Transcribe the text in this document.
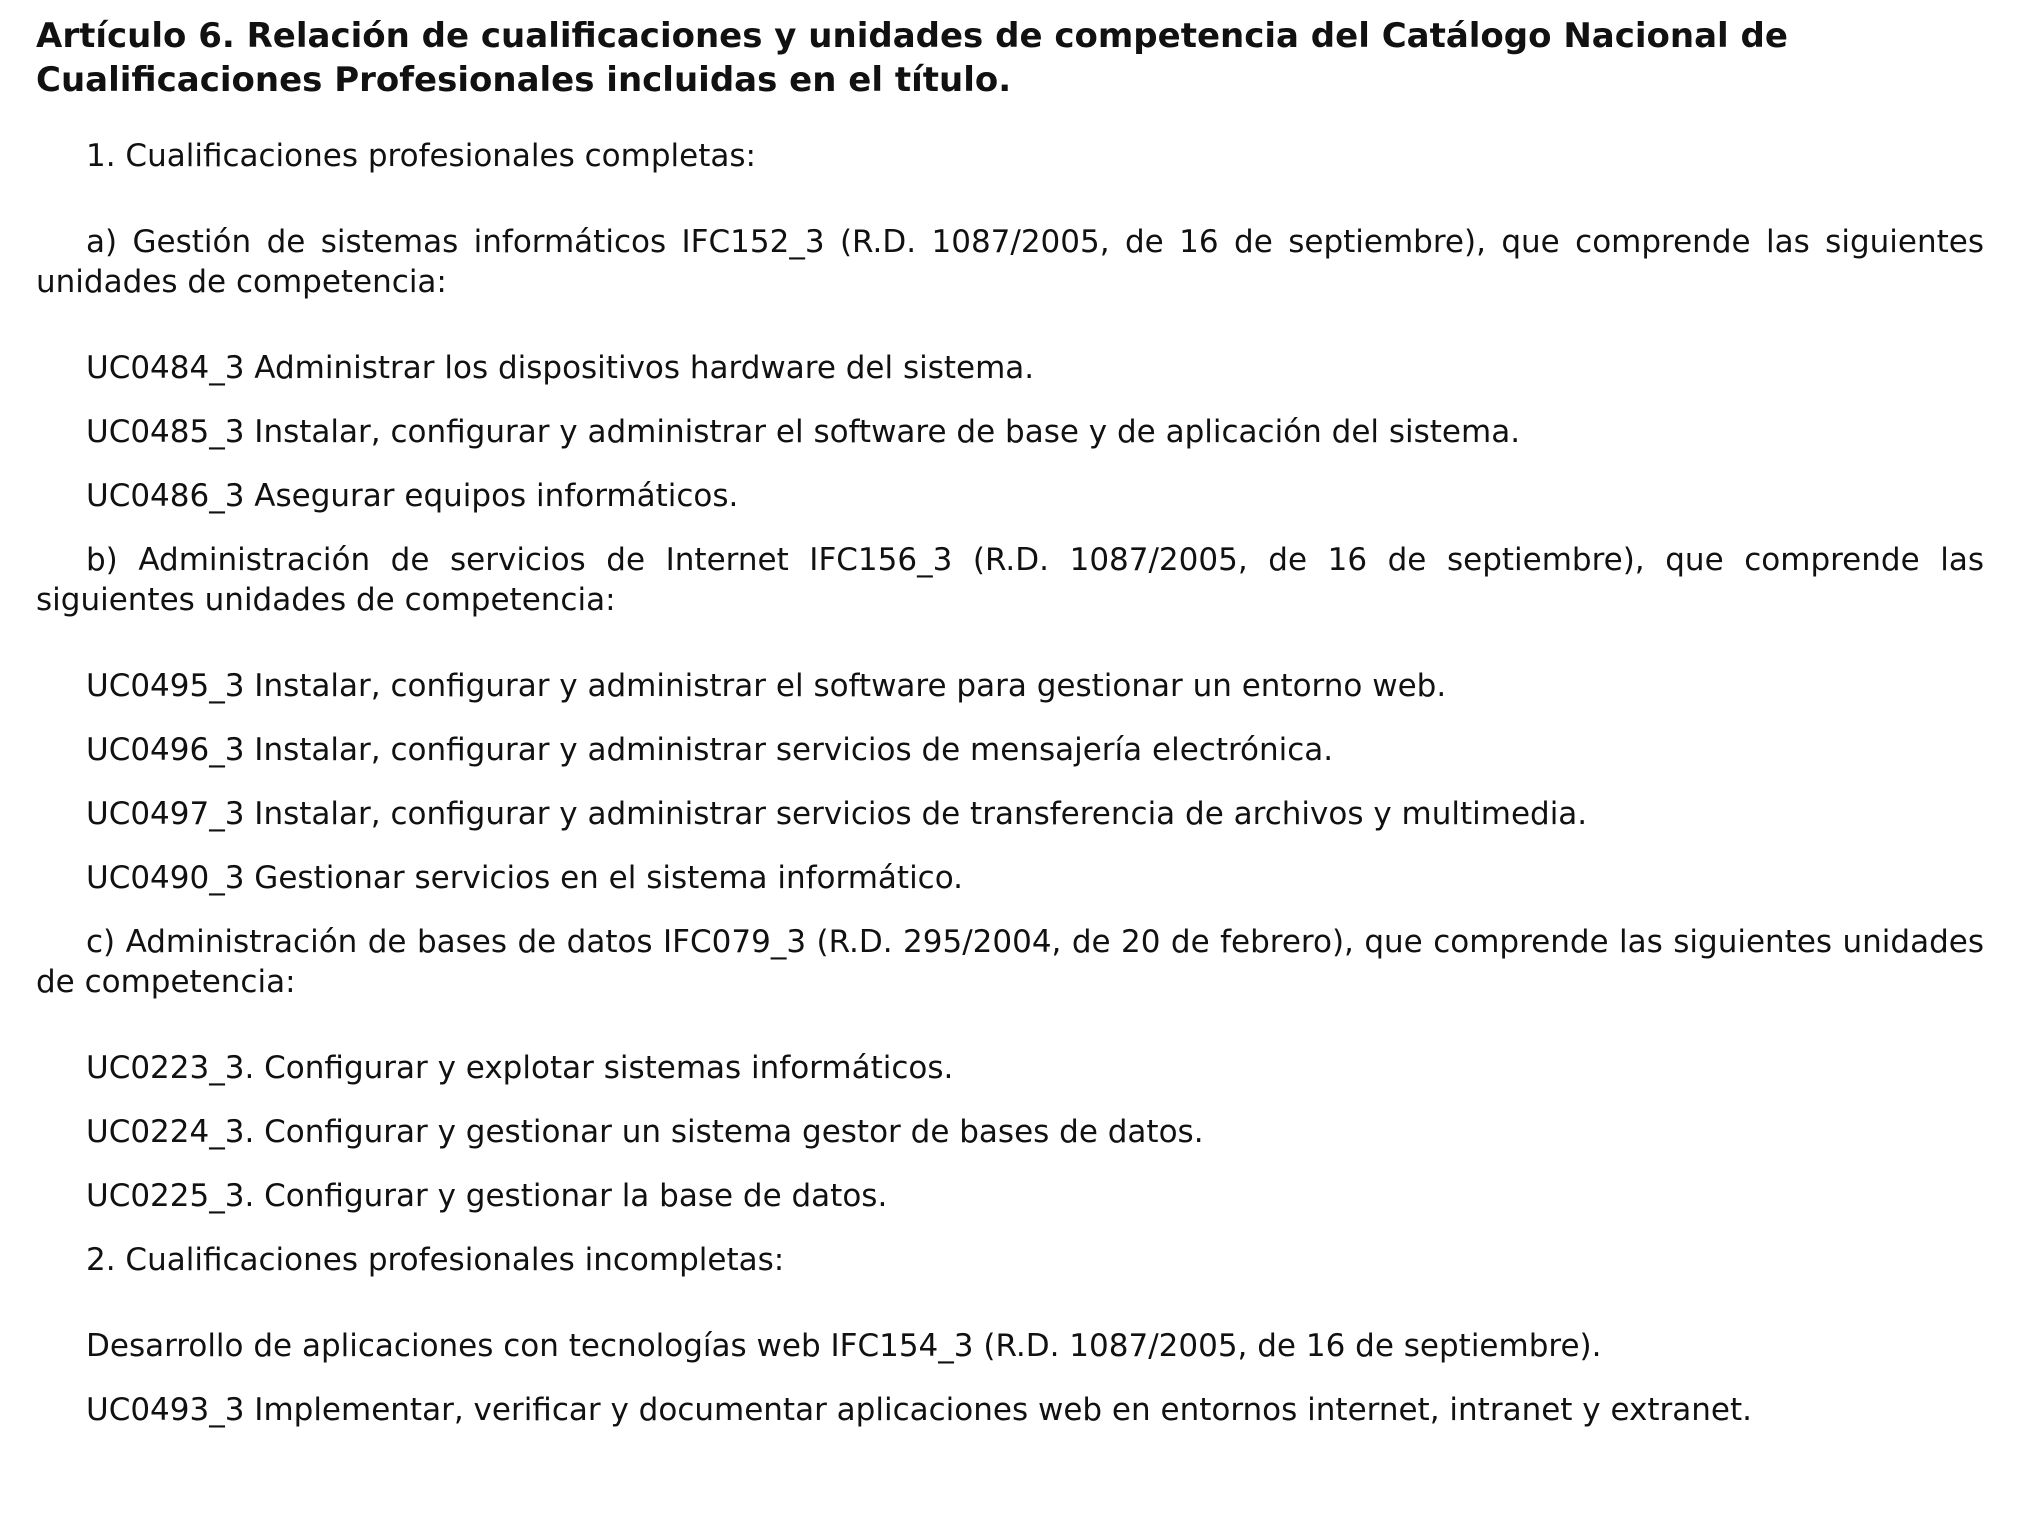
Artículo 6. Relación de cualificaciones y unidades de competencia del Catálogo Nacional de Cualificaciones Profesionales incluidas en el título.

1. Cualificaciones profesionales completas:

a) Gestión de sistemas informáticos IFC152_3 (R.D. 1087/2005, de 16 de septiembre), que comprende las siguientes unidades de competencia:

UC0484_3 Administrar los dispositivos hardware del sistema.
UC0485_3 Instalar, configurar y administrar el software de base y de aplicación del sistema.
UC0486_3 Asegurar equipos informáticos.

b) Administración de servicios de Internet IFC156_3 (R.D. 1087/2005, de 16 de septiembre), que comprende las siguientes unidades de competencia:

UC0495_3 Instalar, configurar y administrar el software para gestionar un entorno web.
UC0496_3 Instalar, configurar y administrar servicios de mensajería electrónica.
UC0497_3 Instalar, configurar y administrar servicios de transferencia de archivos y multimedia.
UC0490_3 Gestionar servicios en el sistema informático.

c) Administración de bases de datos IFC079_3 (R.D. 295/2004, de 20 de febrero), que comprende las siguientes unidades de competencia:

UC0223_3. Configurar y explotar sistemas informáticos.
UC0224_3. Configurar y gestionar un sistema gestor de bases de datos.
UC0225_3. Configurar y gestionar la base de datos.

2. Cualificaciones profesionales incompletas:

Desarrollo de aplicaciones con tecnologías web IFC154_3 (R.D. 1087/2005, de 16 de septiembre).
UC0493_3 Implementar, verificar y documentar aplicaciones web en entornos internet, intranet y extranet.
